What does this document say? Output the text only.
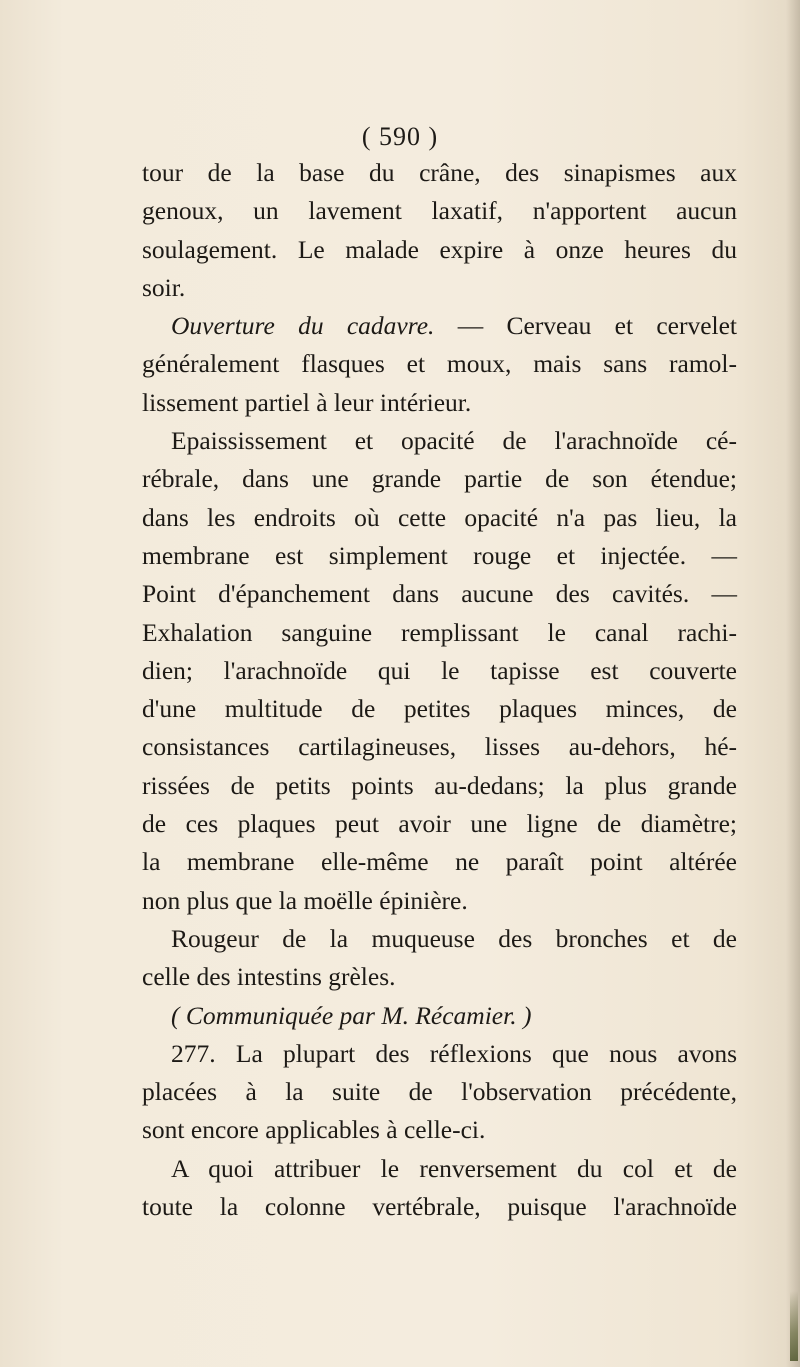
( 590 )
tour de la base du crâne, des sinapismes aux
genoux, un lavement laxatif, n'apportent aucun
soulagement. Le malade expire à onze heures du
soir.
Ouverture du cadavre. — Cerveau et cervelet
généralement flasques et moux, mais sans ramol-
lissement partiel à leur intérieur.
Epaississement et opacité de l'arachnoïde cé-
rébrale, dans une grande partie de son étendue;
dans les endroits où cette opacité n'a pas lieu, la
membrane est simplement rouge et injectée. —
Point d'épanchement dans aucune des cavités. —
Exhalation sanguine remplissant le canal rachi-
dien; l'arachnoïde qui le tapisse est couverte
d'une multitude de petites plaques minces, de
consistances cartilagineuses, lisses au-dehors, hé-
rissées de petits points au-dedans; la plus grande
de ces plaques peut avoir une ligne de diamètre;
la membrane elle-même ne paraît point altérée
non plus que la moëlle épinière.
Rougeur de la muqueuse des bronches et de
celle des intestins grèles.
( Communiquée par M. Récamier. )
277. La plupart des réflexions que nous avons
placées à la suite de l'observation précédente,
sont encore applicables à celle-ci.
A quoi attribuer le renversement du col et de
toute la colonne vertébrale, puisque l'arachnoïde
